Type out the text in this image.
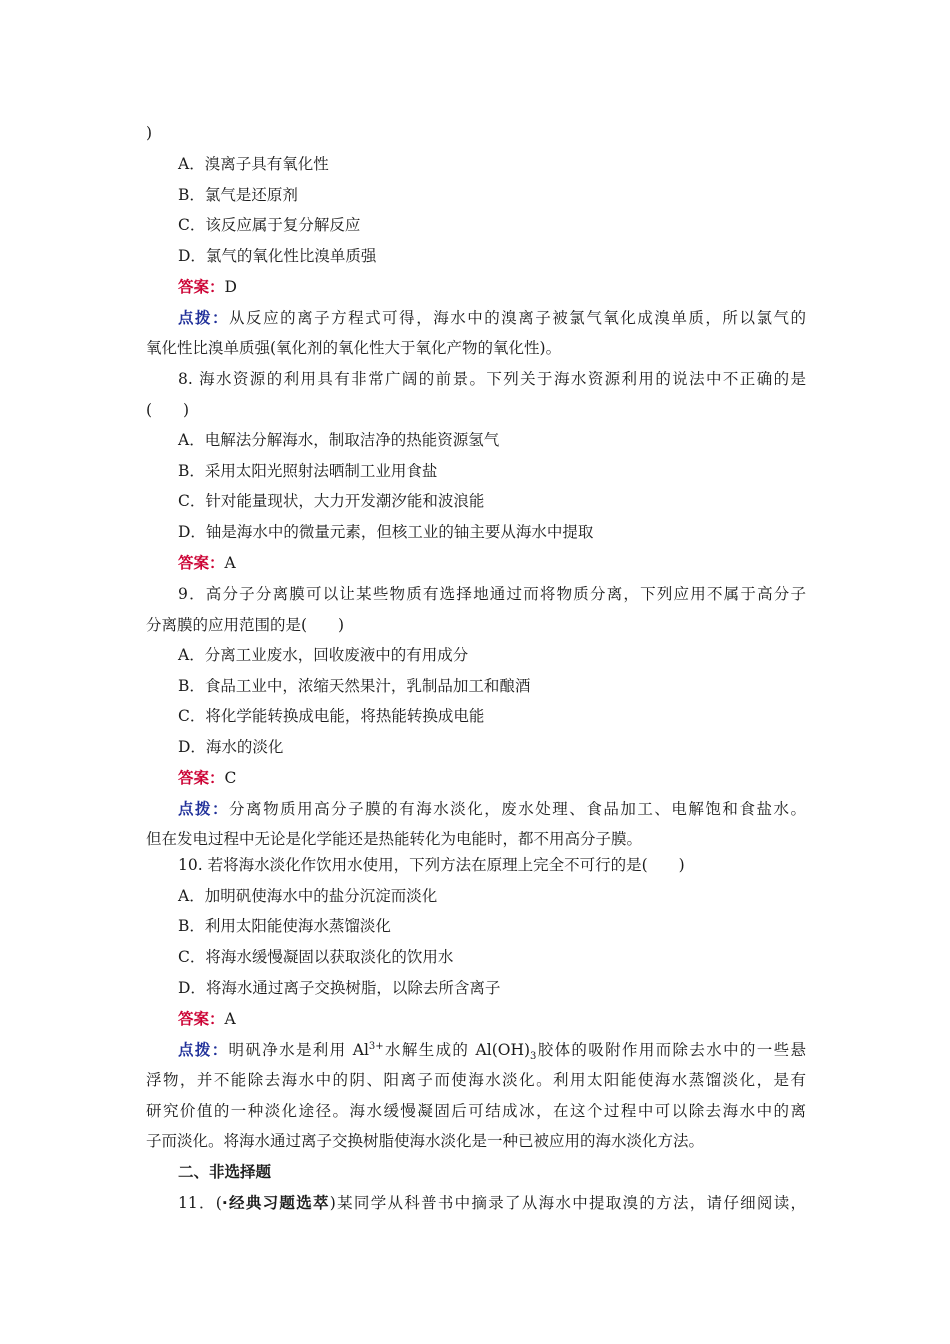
)
A．溴离子具有氧化性
B．氯气是还原剂
C．该反应属于复分解反应
D．氯气的氧化性比溴单质强
答案：D
点拨：从反应的离子方程式可得，海水中的溴离子被氯气氧化成溴单质，所以氯气的
氧化性比溴单质强(氧化剂的氧化性大于氧化产物的氧化性)。
8. 海水资源的利用具有非常广阔的前景。下列关于海水资源利用的说法中不正确的是
(　　)
A．电解法分解海水，制取洁净的热能资源氢气
B．采用太阳光照射法晒制工业用食盐
C．针对能量现状，大力开发潮汐能和波浪能
D．铀是海水中的微量元素，但核工业的铀主要从海水中提取
答案：A
9．高分子分离膜可以让某些物质有选择地通过而将物质分离，下列应用不属于高分子
分离膜的应用范围的是(　　)
A．分离工业废水，回收废液中的有用成分
B．食品工业中，浓缩天然果汁，乳制品加工和酿酒
C．将化学能转换成电能，将热能转换成电能
D．海水的淡化
答案：C
点拨：分离物质用高分子膜的有海水淡化，废水处理、食品加工、电解饱和食盐水。
但在发电过程中无论是化学能还是热能转化为电能时，都不用高分子膜。
10. 若将海水淡化作饮用水使用，下列方法在原理上完全不可行的是(　　)
A．加明矾使海水中的盐分沉淀而淡化
B．利用太阳能使海水蒸馏淡化
C．将海水缓慢凝固以获取淡化的饮用水
D．将海水通过离子交换树脂，以除去所含离子
答案：A
点拨：明矾净水是利用 $Al^{3+}$水解生成的 $Al(OH)_3$胶体的吸附作用而除去水中的一些悬
浮物，并不能除去海水中的阴、阳离子而使海水淡化。利用太阳能使海水蒸馏淡化，是有
研究价值的一种淡化途径。海水缓慢凝固后可结成冰，在这个过程中可以除去海水中的离
子而淡化。将海水通过离子交换树脂使海水淡化是一种已被应用的海水淡化方法。
二、非选择题
11．(·经典习题选萃)某同学从科普书中摘录了从海水中提取溴的方法，请仔细阅读，
